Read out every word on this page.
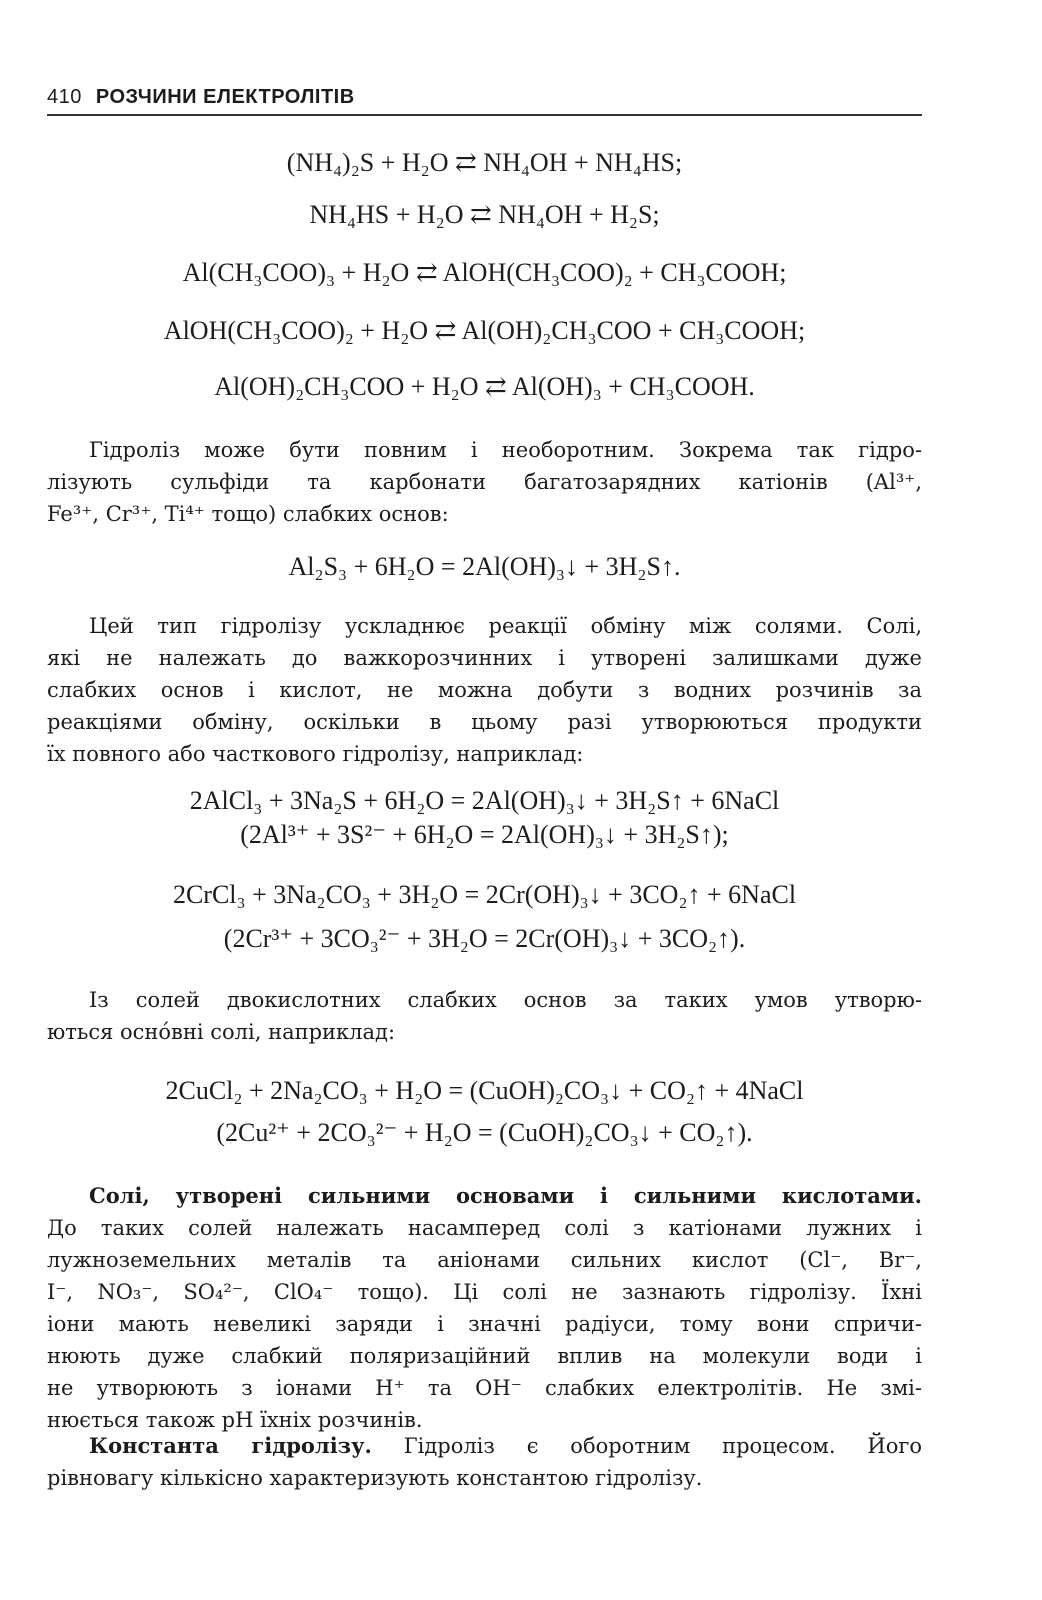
410 РОЗЧИНИ ЕЛЕКТРОЛІТІВ
(NH₄)₂S + H₂O ⇄ NH₄OH + NH₄HS;
NH₄HS + H₂O ⇄ NH₄OH + H₂S;
Al(CH₃COO)₃ + H₂O ⇄ AlOH(CH₃COO)₂ + CH₃COOH;
AlOH(CH₃COO)₂ + H₂O ⇄ Al(OH)₂CH₃COO + CH₃COOH;
Al(OH)₂CH₃COO + H₂O ⇄ Al(OH)₃ + CH₃COOH.
Гідроліз може бути повним і необоротним. Зокрема так гідро-
лізують сульфіди та карбонати багатозарядних катіонів (Al³⁺,
Fe³⁺, Cr³⁺, Ti⁴⁺ тощо) слабких основ:
Al₂S₃ + 6H₂O = 2Al(OH)₃↓ + 3H₂S↑.
Цей тип гідролізу ускладнює реакції обміну між солями. Солі,
які не належать до важкорозчинних і утворені залишками дуже
слабких основ і кислот, не можна добути з водних розчинів за
реакціями обміну, оскільки в цьому разі утворюються продукти
їх повного або часткового гідролізу, наприклад:
2AlCl₃ + 3Na₂S + 6H₂O = 2Al(OH)₃↓ + 3H₂S↑ + 6NaCl
(2Al³⁺ + 3S²⁻ + 6H₂O = 2Al(OH)₃↓ + 3H₂S↑);
2CrCl₃ + 3Na₂CO₃ + 3H₂O = 2Cr(OH)₃↓ + 3CO₂↑ + 6NaCl
(2Cr³⁺ + 3CO₃²⁻ + 3H₂O = 2Cr(OH)₃↓ + 3CO₂↑).
Із солей двокислотних слабких основ за таких умов утворю-
ються осно́вні солі, наприклад:
2CuCl₂ + 2Na₂CO₃ + H₂O = (CuOH)₂CO₃↓ + CO₂↑ + 4NaCl
(2Cu²⁺ + 2CO₃²⁻ + H₂O = (CuOH)₂CO₃↓ + CO₂↑).
Солі, утворені сильними основами і сильними кислотами.
До таких солей належать насамперед солі з катіонами лужних і
лужноземельних металів та аніонами сильних кислот (Cl⁻, Br⁻,
I⁻, NO₃⁻, SO₄²⁻, ClO₄⁻ тощо). Ці солі не зазнають гідролізу. Їхні
іони мають невеликі заряди і значні радіуси, тому вони спричи-
нюють дуже слабкий поляризаційний вплив на молекули води і
не утворюють з іонами H⁺ та OH⁻ слабких електролітів. Не змі-
нюється також pH їхніх розчинів.
Константа гідролізу. Гідроліз є оборотним процесом. Його
рівновагу кількісно характеризують константою гідролізу.
